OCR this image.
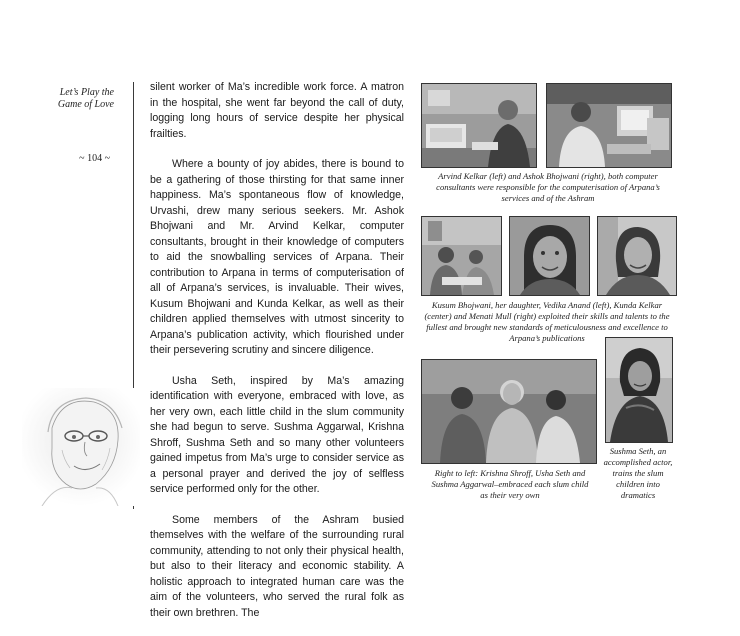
Let’s Play the
Game of Love
~ 104 ~

silent worker of Ma’s incredible work force. A matron in the hospital, she went far beyond the call of duty, logging long hours of service despite her physical frailties.

Where a bounty of joy abides, there is bound to be a gathering of those thirsting for that same inner happiness. Ma’s spontaneous flow of knowledge, Urvashi, drew many serious seekers. Mr. Ashok Bhojwani and Mr. Arvind Kelkar, computer consultants, brought in their knowledge of computers to aid the snowballing services of Arpana. Their contribution to Arpana in terms of computerisation of all of Arpana’s services, is invaluable. Their wives, Kusum Bhojwani and Kunda Kelkar, as well as their children applied themselves with utmost sincerity to Arpana’s publication activity, which flourished under their persevering scrutiny and sincere diligence.

Usha Seth, inspired by Ma’s amazing identification with everyone, embraced with love, as her very own, each little child in the slum community she had begun to serve. Sushma Aggarwal, Krishna Shroff, Sushma Seth and so many other volunteers gained impetus from Ma’s urge to consider service as a personal prayer and derived the joy of selfless service performed only for the other.

Some members of the Ashram busied themselves with the welfare of the surrounding rural community, attending to not only their physical health, but also to their literacy and economic stability. A holistic approach to integrated human care was the aim of the volunteers, who served the rural folk as their own brethren. The

Arvind Kelkar (left) and Ashok Bhojwani (right), both computer consultants were responsible for the computerisation of Arpana’s services and of the Ashram
Kusum Bhojwani, her daughter, Vedika Anand (left), Kunda Kelkar (center) and Menati Mull (right) exploited their skills and talents to the fullest and brought new standards of meticulousness and excellence to Arpana’s publications
Right to left: Krishna Shroff, Usha Seth and Sushma Aggarwal–embraced each slum child as their very own
Sushma Seth, an accomplished actor, trains the slum children into dramatics
